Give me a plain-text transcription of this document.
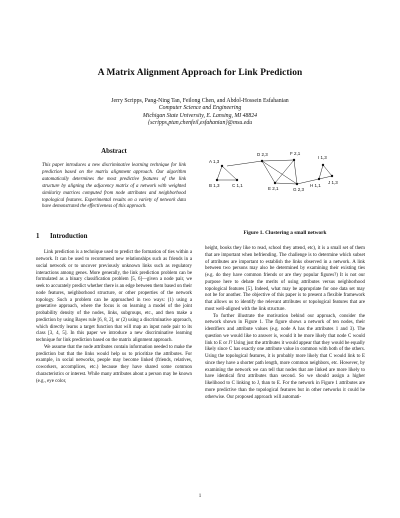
A Matrix Alignment Approach for Link Prediction
Jerry Scripps, Pang-Ning Tan, Feilong Chen, and Abdol-Hossein Esfahanian
Computer Science and Engineering
Michigan State University, E. Lansing, MI 48824
{scripps,ptan,chenfeil,esfahanian}@msu.edu

Abstract

This paper introduces a new discriminative learning technique for link prediction based on the matrix alignment approach. Our algorithm automatically determines the most predictive features of the link structure by aligning the adjacency matrix of a network with weighted similarity matrices computed from node attributes and neighborhood topological features. Experimental results on a variety of network data have demonstrated the effectiveness of this approach.

1 Introduction

Link prediction is a technique used to predict the formation of ties within a network. It can be used to recommend new relationships such as friends in a social network or to uncover previously unknown links such as regulatory interactions among genes. More generally, the link prediction problem can be formulated as a binary classification problem [5, 6]—given a node pair, we seek to accurately predict whether there is an edge between them based on their node features, neighborhood structure, or other properties of the network topology. Such a problem can be approached in two ways: (1) using a generative approach, where the focus is on learning a model of the joint probability density of the nodes, links, subgroups, etc., and then make a prediction by using Bayes rule [6, 8, 2], or (2) using a discriminative approach, which directly learns a target function that will map an input node pair to its class [3, 4, 5]. In this paper we introduce a new discriminative learning technique for link prediction based on the matrix alignment approach.

We assume that the node attributes contain information needed to make the prediction but that the links would help us to prioritize the attributes. For example, in social networks, people may become linked (friends, relatives, coworkers, accomplices, etc.) because they have shared some common characteristics or interest. While many attributes about a person may be known (e.g., eye color,

A 1,3
B 1,3	C 1,1
D 2,3
E 2,1
F 2,1
G 2,3
H 1,1
I 1,3
J 1,3

Figure 1. Clustering a small network

height, books they like to read, school they attend, etc), it is a small set of them that are important when befriending. The challenge is to determine which subset of attributes are important to establish the links observed in a network. A link between two persons may also be determined by examining their existing ties (e.g. do they have common friends or are they popular figures?) It is not our purpose here to debate the merits of using attributes versus neighborhood topological features [5]. Indeed, what may be appropriate for one data set may not be for another. The objective of this paper is to present a flexible framework that allows us to identify the relevant attributes or topological features that are most well-aligned with the link structure.

To further illustrate the motivation behind our approach, consider the network shown in Figure 1. The figure shows a network of ten nodes, their identifiers and attribute values (e.g. node A has the attributes 1 and 3). The question we would like to answer is, would it be more likely that node C would link to E or J? Using just the attributes it would appear that they would be equally likely since C has exactly one attribute value in common with both of the others. Using the topological features, it is probably more likely that C would link to E since they have a shorter path length, more common neighbors, etc. However, by examining the network we can tell that nodes that are linked are more likely to have identical first attributes than second. So we should assign a higher likelihood to C linking to J, than to E. For the network in Figure 1 attributes are more predictive than the topological features but in other networks it could be otherwise. Our proposed approach will automati-

1
